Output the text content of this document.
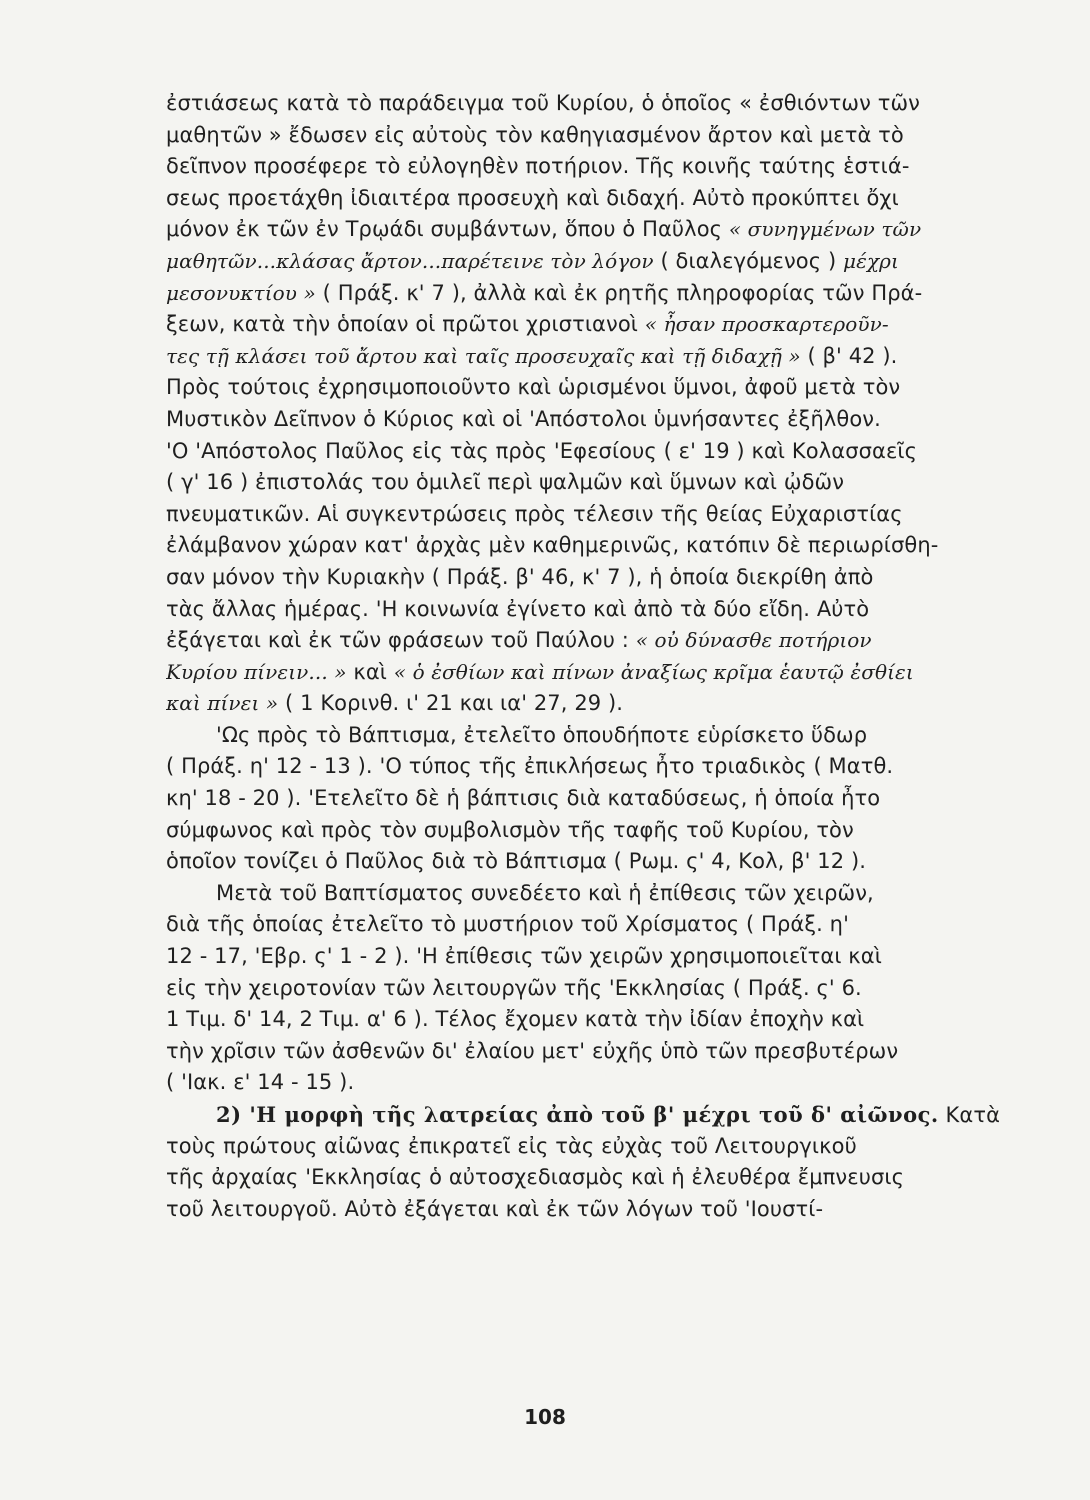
ἐστιάσεως κατὰ τὸ παράδειγμα τοῦ Κυρίου, ὁ ὁποῖος « ἐσθιόντων τῶν
μαθητῶν » ἔδωσεν εἰς αὐτοὺς τὸν καθηγιασμένον ἄρτον καὶ μετὰ τὸ
δεῖπνον προσέφερε τὸ εὐλογηθὲν ποτήριον. Τῆς κοινῆς ταύτης ἑστιά-
σεως προετάχθη ἰδιαιτέρα προσευχὴ καὶ διδαχή. Αὐτὸ προκύπτει ὄχι
μόνον ἐκ τῶν ἐν Τρῳάδι συμβάντων, ὅπου ὁ Παῦλος « συνηγμένων τῶν
μαθητῶν...κλάσας ἄρτον...παρέτεινε τὸν λόγον ( διαλεγόμενος ) μέχρι
μεσονυκτίου » ( Πράξ. κ' 7 ), ἀλλὰ καὶ ἐκ ρητῆς πληροφορίας τῶν Πρά-
ξεων, κατὰ τὴν ὁποίαν οἱ πρῶτοι χριστιανοὶ « ἦσαν προσκαρτεροῦν-
τες τῇ κλάσει τοῦ ἄρτου καὶ ταῖς προσευχαῖς καὶ τῇ διδαχῇ » ( β' 42 ).
Πρὸς τούτοις ἐχρησιμοποιοῦντο καὶ ὡρισμένοι ὕμνοι, ἀφοῦ μετὰ τὸν
Μυστικὸν Δεῖπνον ὁ Κύριος καὶ οἱ 'Απόστολοι ὑμνήσαντες ἐξῆλθον.
'Ο 'Απόστολος Παῦλος εἰς τὰς πρὸς 'Εφεσίους ( ε' 19 ) καὶ Κολασσαεῖς
( γ' 16 ) ἐπιστολάς του ὁμιλεῖ περὶ ψαλμῶν καὶ ὕμνων καὶ ᾠδῶν
πνευματικῶν. Αἱ συγκεντρώσεις πρὸς τέλεσιν τῆς θείας Εὐχαριστίας
ἐλάμβανον χώραν κατ' ἀρχὰς μὲν καθημερινῶς, κατόπιν δὲ περιωρίσθη-
σαν μόνον τὴν Κυριακὴν ( Πράξ. β' 46, κ' 7 ), ἡ ὁποία διεκρίθη ἀπὸ
τὰς ἄλλας ἡμέρας. 'Η κοινωνία ἐγίνετο καὶ ἀπὸ τὰ δύο εἴδη. Αὐτὸ
ἐξάγεται καὶ ἐκ τῶν φράσεων τοῦ Παύλου : « οὐ δύνασθε ποτήριον
Κυρίου πίνειν... » καὶ « ὁ ἐσθίων καὶ πίνων ἀναξίως κρῖμα ἑαυτῷ ἐσθίει
καὶ πίνει » ( 1 Κορινθ. ι' 21 και ια' 27, 29 ).
'Ως πρὸς τὸ Βάπτισμα, ἐτελεῖτο ὁπουδήποτε εὑρίσκετο ὕδωρ
( Πράξ. η' 12 - 13 ). 'Ο τύπος τῆς ἐπικλήσεως ἦτο τριαδικὸς ( Ματθ.
κη' 18 - 20 ). 'Ετελεῖτο δὲ ἡ βάπτισις διὰ καταδύσεως, ἡ ὁποία ἦτο
σύμφωνος καὶ πρὸς τὸν συμβολισμὸν τῆς ταφῆς τοῦ Κυρίου, τὸν
ὁποῖον τονίζει ὁ Παῦλος διὰ τὸ Βάπτισμα ( Ρωμ. ς' 4, Κολ, β' 12 ).
Μετὰ τοῦ Βαπτίσματος συνεδέετο καὶ ἡ ἐπίθεσις τῶν χειρῶν,
διὰ τῆς ὁποίας ἐτελεῖτο τὸ μυστήριον τοῦ Χρίσματος ( Πράξ. η'
12 - 17, 'Εβρ. ς' 1 - 2 ). 'Η ἐπίθεσις τῶν χειρῶν χρησιμοποιεῖται καὶ
εἰς τὴν χειροτονίαν τῶν λειτουργῶν τῆς 'Εκκλησίας ( Πράξ. ς' 6.
1 Τιμ. δ' 14, 2 Τιμ. α' 6 ). Τέλος ἔχομεν κατὰ τὴν ἰδίαν ἐποχὴν καὶ
τὴν χρῖσιν τῶν ἀσθενῶν δι' ἐλαίου μετ' εὐχῆς ὑπὸ τῶν πρεσβυτέρων
( 'Ιακ. ε' 14 - 15 ).
2) 'Η μορφὴ τῆς λατρείας ἀπὸ τοῦ β' μέχρι τοῦ δ' αἰῶνος. Κατὰ
τοὺς πρώτους αἰῶνας ἐπικρατεῖ εἰς τὰς εὐχὰς τοῦ Λειτουργικοῦ
τῆς ἀρχαίας 'Εκκλησίας ὁ αὐτοσχεδιασμὸς καὶ ἡ ἐλευθέρα ἔμπνευσις
τοῦ λειτουργοῦ. Αὐτὸ ἐξάγεται καὶ ἐκ τῶν λόγων τοῦ 'Ιουστί-
108
